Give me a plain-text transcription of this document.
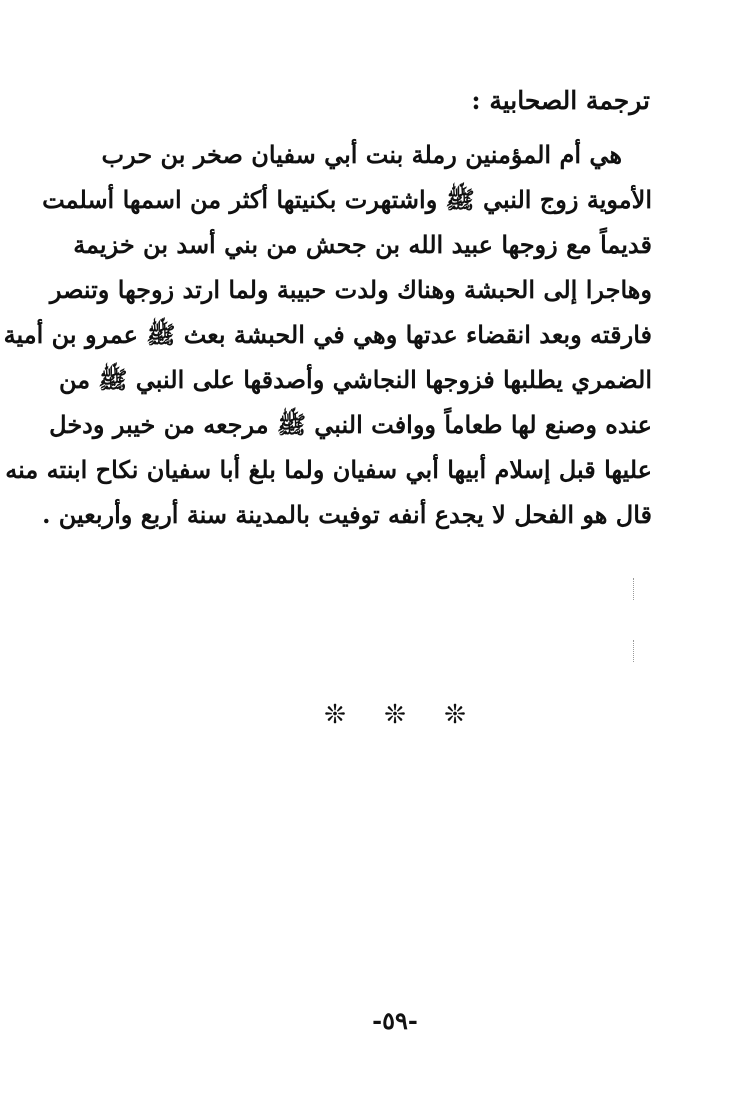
ترجمة الصحابية :
هي أم المؤمنين رملة بنت أبي سفيان صخر بن حرب
الأموية زوج النبي ﷺ واشتهرت بكنيتها أكثر من اسمها أسلمت
قديماً مع زوجها عبيد الله بن جحش من بني أسد بن خزيمة
وهاجرا إلى الحبشة وهناك ولدت حبيبة ولما ارتد زوجها وتنصر
فارقته وبعد انقضاء عدتها وهي في الحبشة بعث ﷺ عمرو بن أمية
الضمري يطلبها فزوجها النجاشي وأصدقها على النبي ﷺ من
عنده وصنع لها طعاماً ووافت النبي ﷺ مرجعه من خيبر ودخل
عليها قبل إسلام أبيها أبي سفيان ولما بلغ أبا سفيان نكاح ابنته منه
قال هو الفحل لا يجدع أنفه توفيت بالمدينة سنة أربع وأربعين .
❊ ❊ ❊
-٥٩-
